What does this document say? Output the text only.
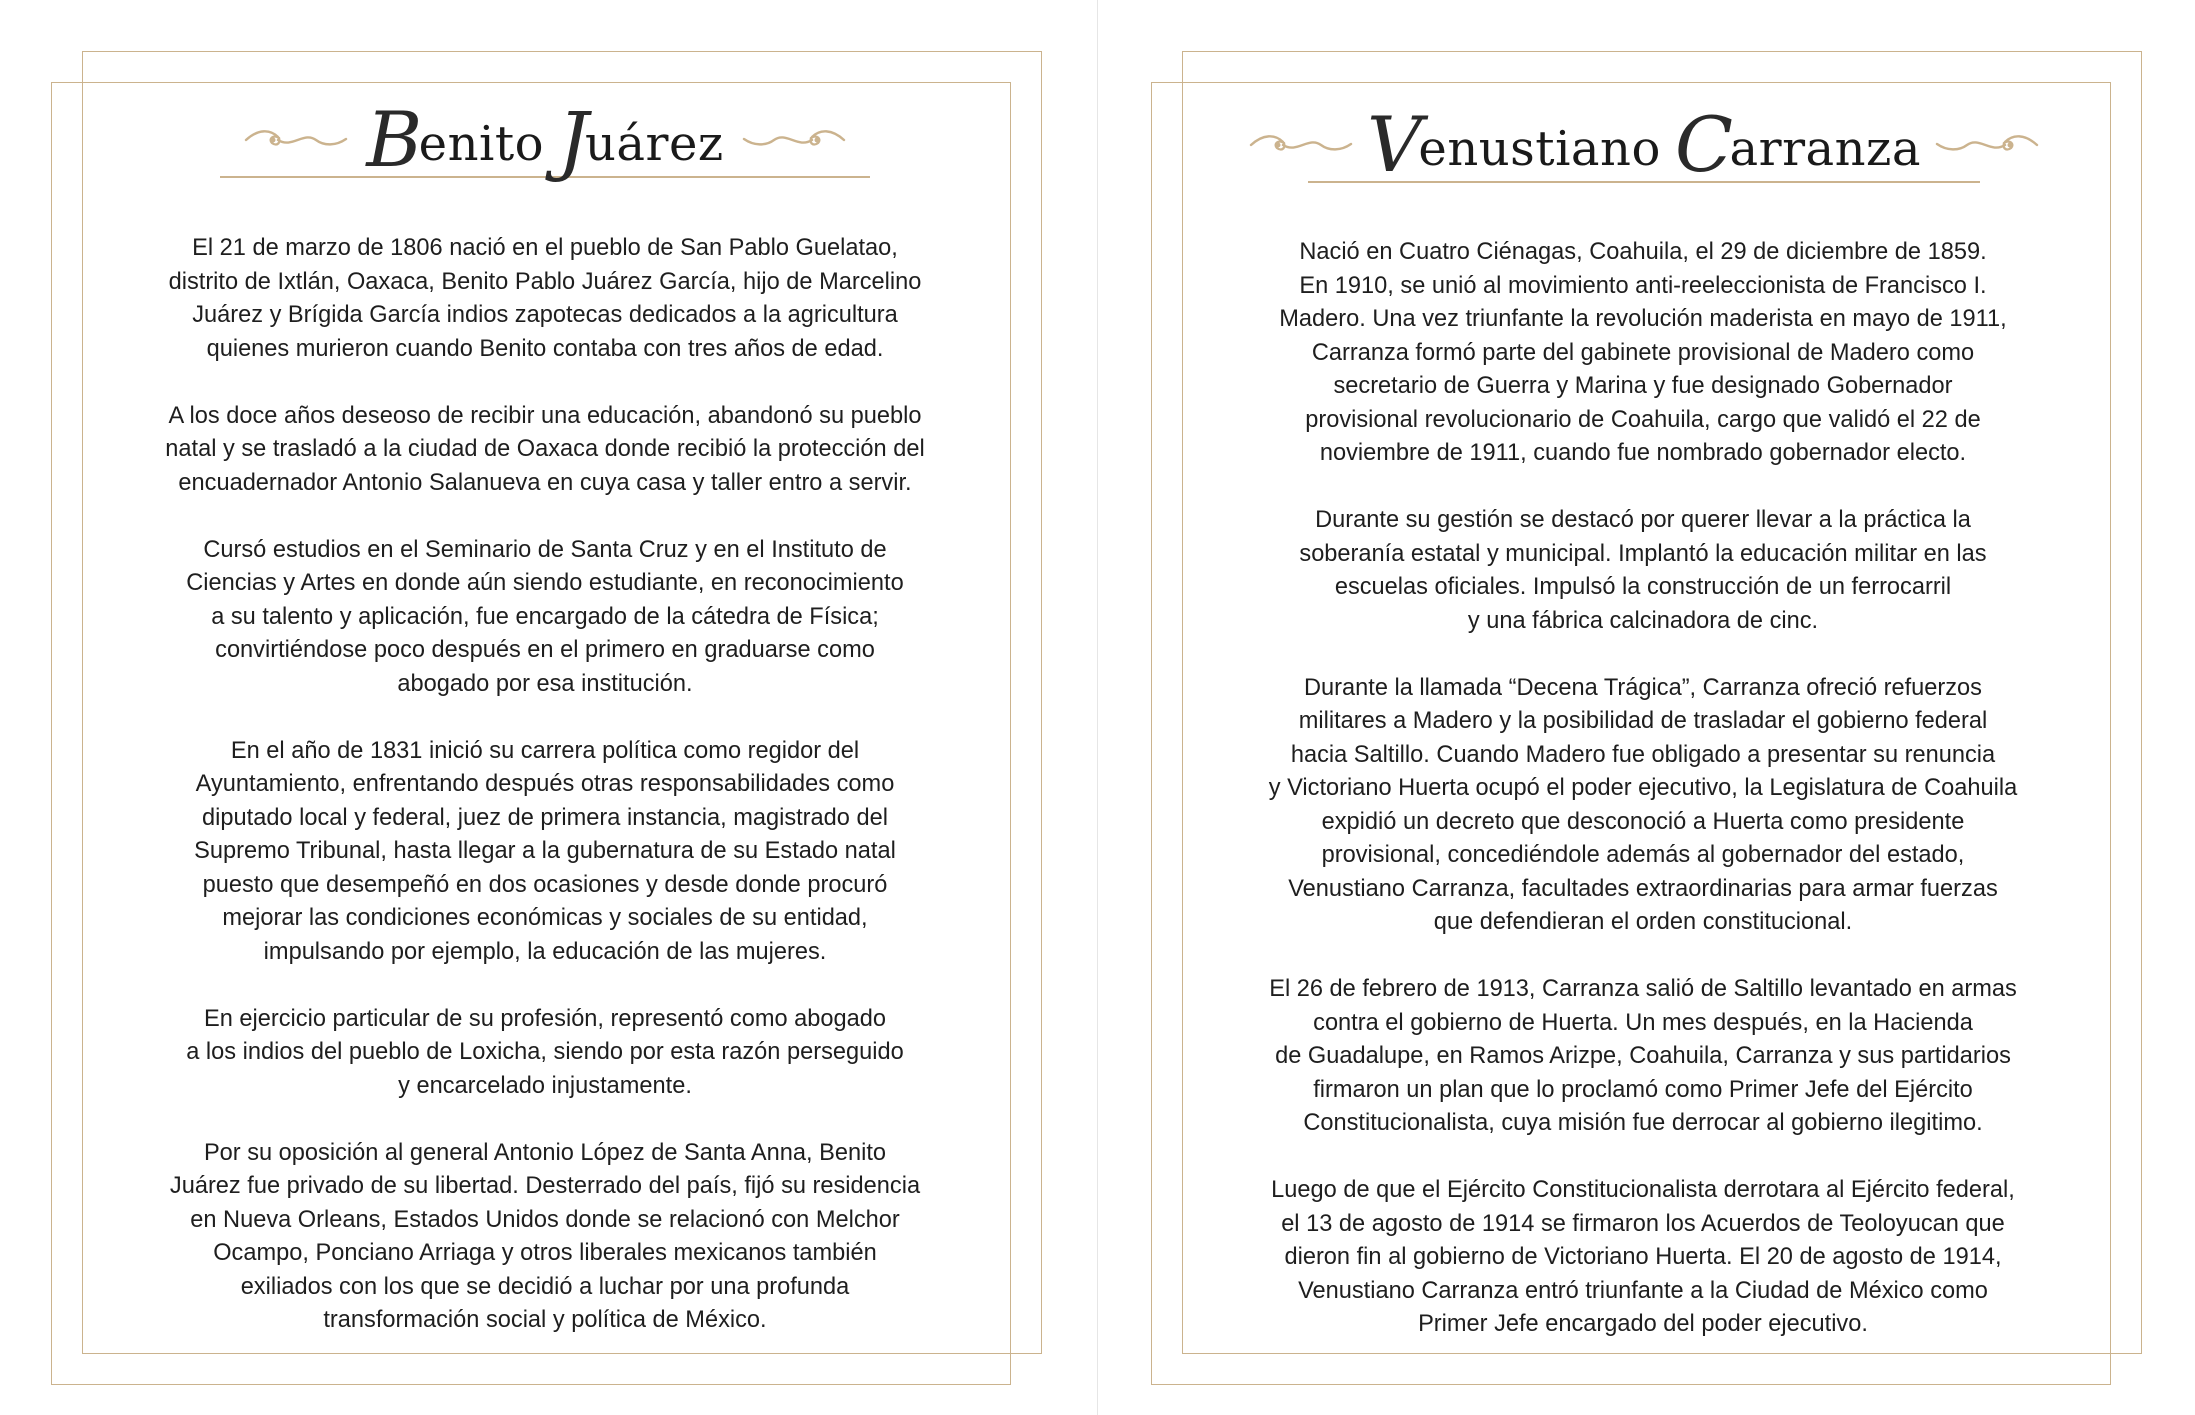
Benito Juárez

El 21 de marzo de 1806 nació en el pueblo de San Pablo Guelatao,
distrito de Ixtlán, Oaxaca, Benito Pablo Juárez García, hijo de Marcelino
Juárez y Brígida García indios zapotecas dedicados a la agricultura
quienes murieron cuando Benito contaba con tres años de edad.

A los doce años deseoso de recibir una educación, abandonó su pueblo
natal y se trasladó a la ciudad de Oaxaca donde recibió la protección del
encuadernador Antonio Salanueva en cuya casa y taller entro a servir.

Cursó estudios en el Seminario de Santa Cruz y en el Instituto de
Ciencias y Artes en donde aún siendo estudiante, en reconocimiento
a su talento y aplicación, fue encargado de la cátedra de Física;
convirtiéndose poco después en el primero en graduarse como
abogado por esa institución.

En el año de 1831 inició su carrera política como regidor del
Ayuntamiento, enfrentando después otras responsabilidades como
diputado local y federal, juez de primera instancia, magistrado del
Supremo Tribunal, hasta llegar a la gubernatura de su Estado natal
puesto que desempeñó en dos ocasiones y desde donde procuró
mejorar las condiciones económicas y sociales de su entidad,
impulsando por ejemplo, la educación de las mujeres.

En ejercicio particular de su profesión, representó como abogado
a los indios del pueblo de Loxicha, siendo por esta razón perseguido
y encarcelado injustamente.

Por su oposición al general Antonio López de Santa Anna, Benito
Juárez fue privado de su libertad. Desterrado del país, fijó su residencia
en Nueva Orleans, Estados Unidos donde se relacionó con Melchor
Ocampo, Ponciano Arriaga y otros liberales mexicanos también
exiliados con los que se decidió a luchar por una profunda
transformación social y política de México.

Venustiano Carranza

Nació en Cuatro Ciénagas, Coahuila, el 29 de diciembre de 1859.
En 1910, se unió al movimiento anti-reeleccionista de Francisco I.
Madero. Una vez triunfante la revolución maderista en mayo de 1911,
Carranza formó parte del gabinete provisional de Madero como
secretario de Guerra y Marina y fue designado Gobernador
provisional revolucionario de Coahuila, cargo que validó el 22 de
noviembre de 1911, cuando fue nombrado gobernador electo.

Durante su gestión se destacó por querer llevar a la práctica la
soberanía estatal y municipal. Implantó la educación militar en las
escuelas oficiales. Impulsó la construcción de un ferrocarril
y una fábrica calcinadora de cinc.

Durante la llamada “Decena Trágica”, Carranza ofreció refuerzos
militares a Madero y la posibilidad de trasladar el gobierno federal
hacia Saltillo. Cuando Madero fue obligado a presentar su renuncia
y Victoriano Huerta ocupó el poder ejecutivo, la Legislatura de Coahuila
expidió un decreto que desconoció a Huerta como presidente
provisional, concediéndole además al gobernador del estado,
Venustiano Carranza, facultades extraordinarias para armar fuerzas
que defendieran el orden constitucional.

El 26 de febrero de 1913, Carranza salió de Saltillo levantado en armas
contra el gobierno de Huerta. Un mes después, en la Hacienda
de Guadalupe, en Ramos Arizpe, Coahuila, Carranza y sus partidarios
firmaron un plan que lo proclamó como Primer Jefe del Ejército
Constitucionalista, cuya misión fue derrocar al gobierno ilegitimo.

Luego de que el Ejército Constitucionalista derrotara al Ejército federal,
el 13 de agosto de 1914 se firmaron los Acuerdos de Teoloyucan que
dieron fin al gobierno de Victoriano Huerta. El 20 de agosto de 1914,
Venustiano Carranza entró triunfante a la Ciudad de México como
Primer Jefe encargado del poder ejecutivo.
